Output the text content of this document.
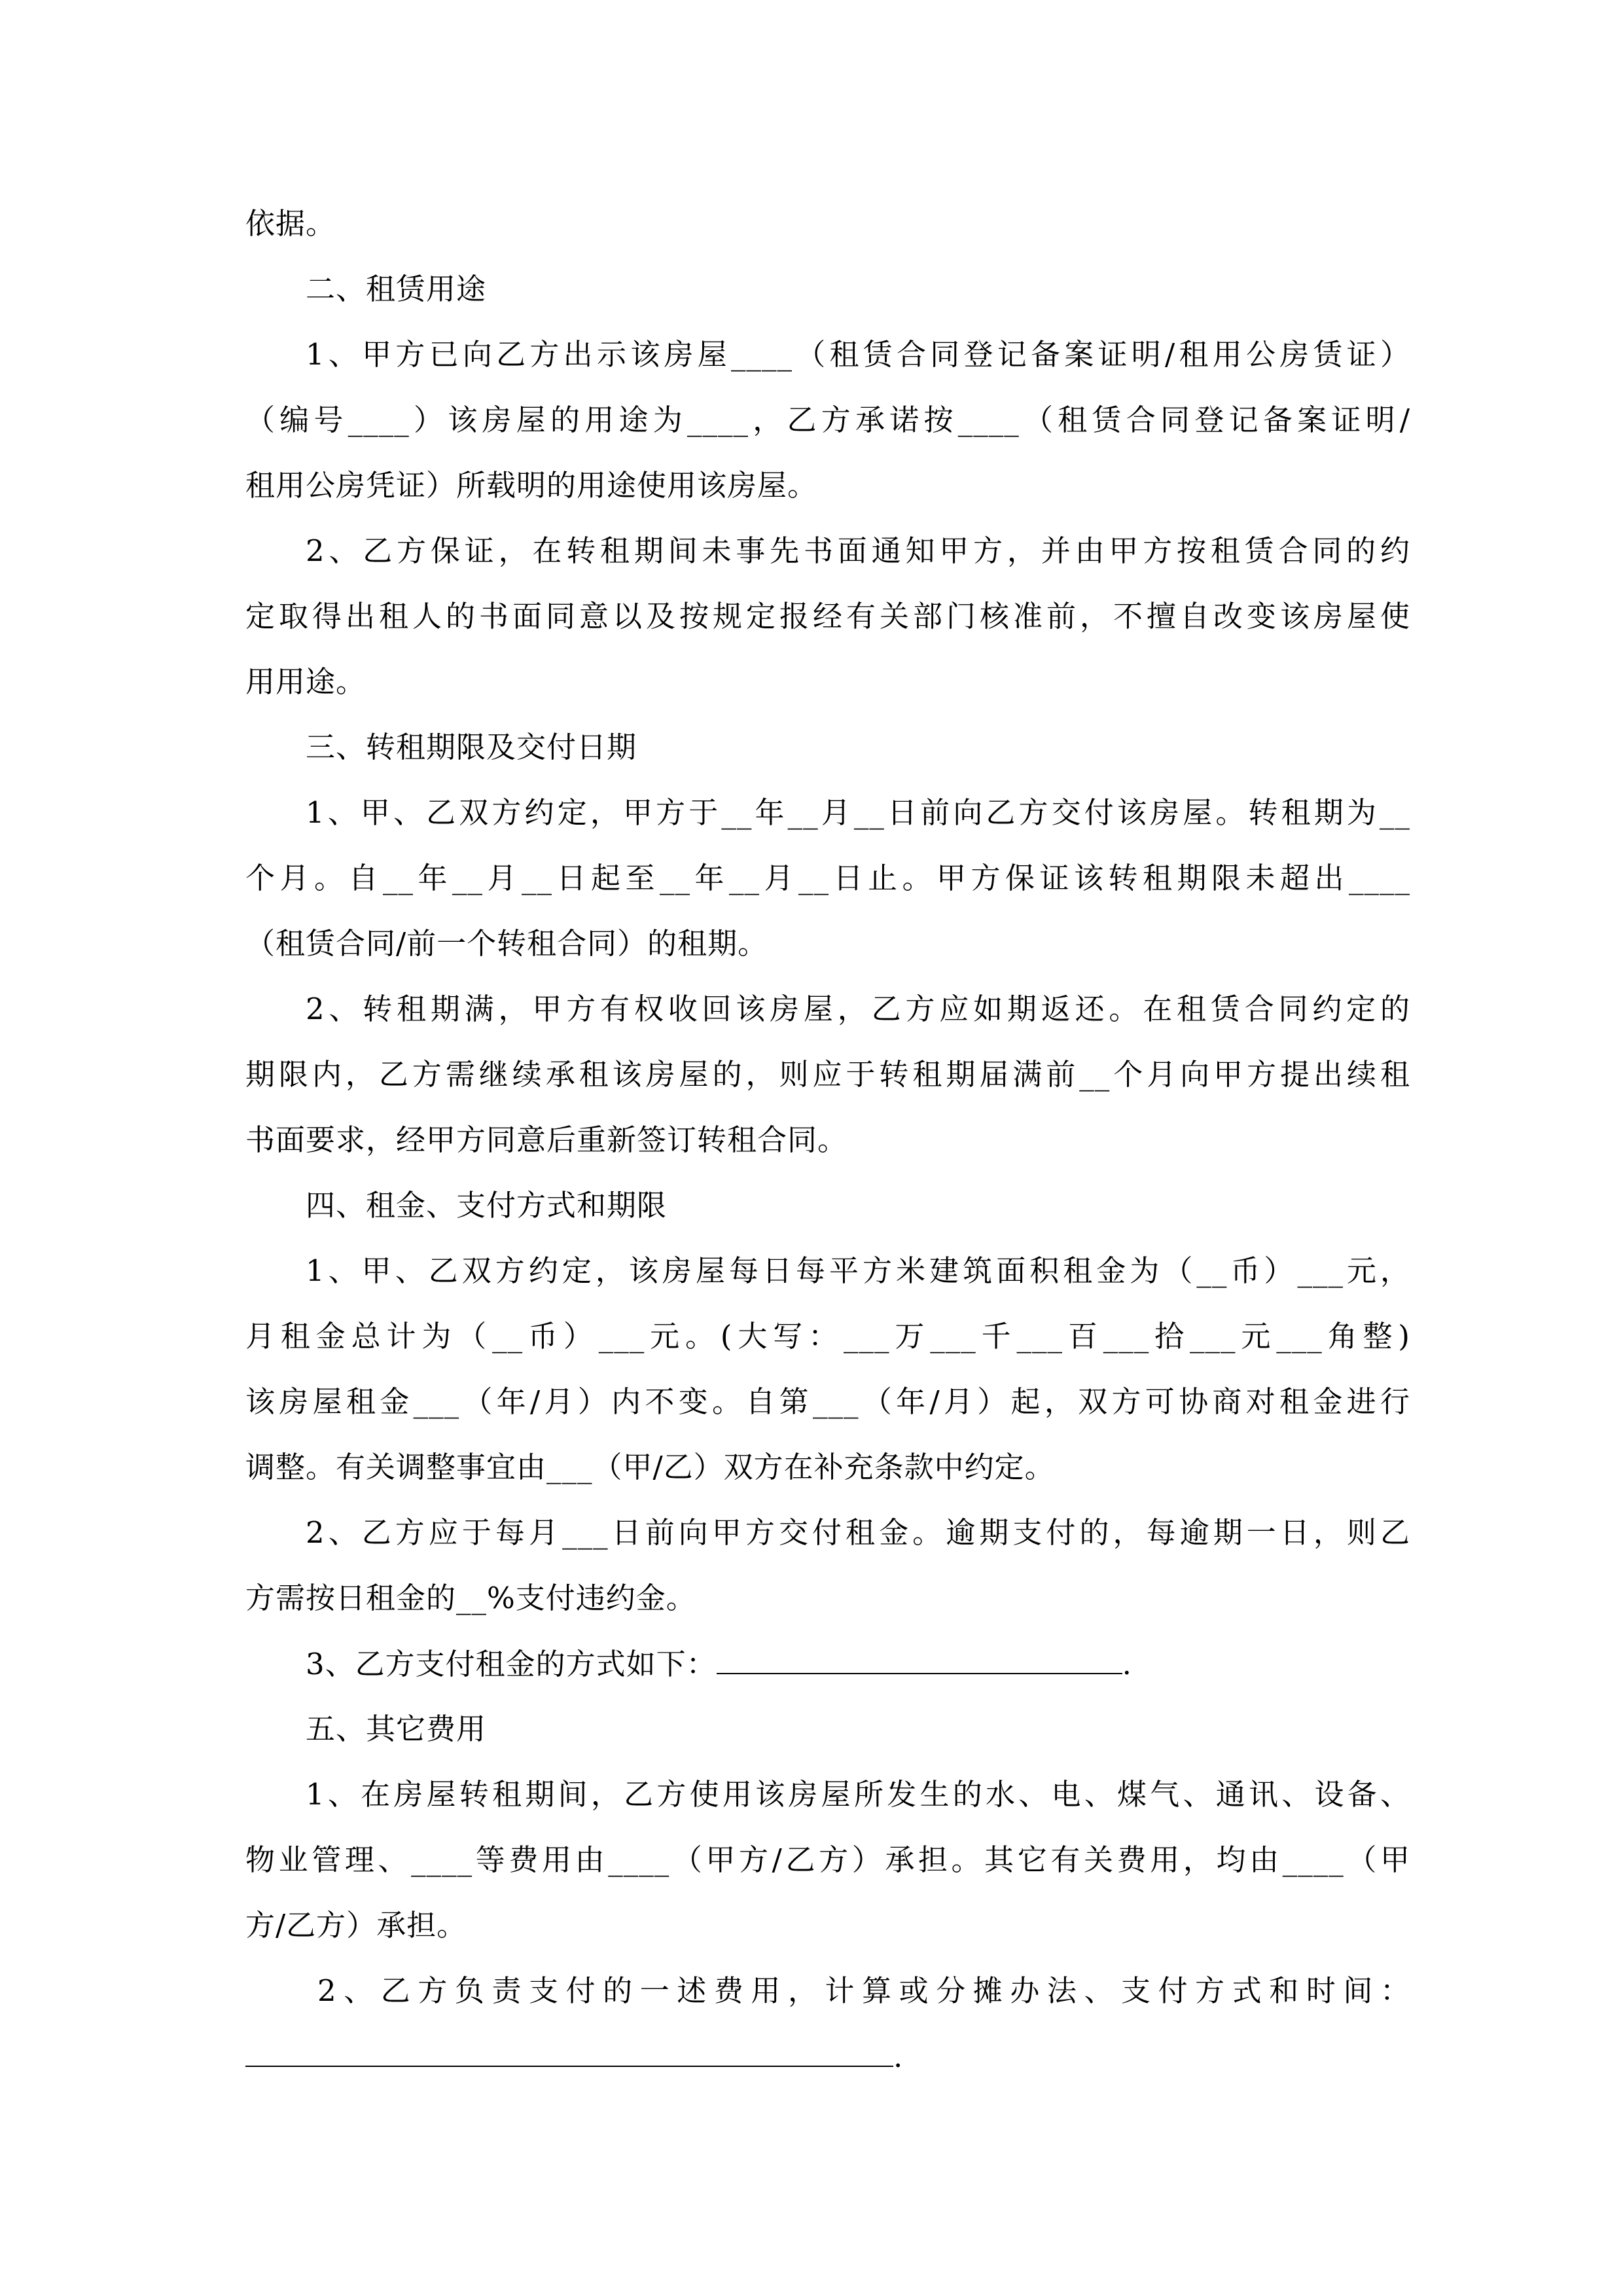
依据。
二、租赁用途
1、甲方已向乙方出示该房屋____（租赁合同登记备案证明/租用公房赁证）
（编号____）该房屋的用途为____，乙方承诺按____（租赁合同登记备案证明/
租用公房凭证）所载明的用途使用该房屋。
2、乙方保证，在转租期间未事先书面通知甲方，并由甲方按租赁合同的约
定取得出租人的书面同意以及按规定报经有关部门核准前，不擅自改变该房屋使
用用途。
三、转租期限及交付日期
1、甲、乙双方约定，甲方于__年__月__日前向乙方交付该房屋。转租期为__
个月。自__年__月__日起至__年__月__日止。甲方保证该转租期限未超出____
（租赁合同/前一个转租合同）的租期。
2、转租期满，甲方有权收回该房屋，乙方应如期返还。在租赁合同约定的
期限内，乙方需继续承租该房屋的，则应于转租期届满前__个月向甲方提出续租
书面要求，经甲方同意后重新签订转租合同。
四、租金、支付方式和期限
1、甲、乙双方约定，该房屋每日每平方米建筑面积租金为（__币）___元，
月租金总计为（__币）___元。(大写：___万___千___百___拾___元___角整)
该房屋租金___（年/月）内不变。自第___（年/月）起，双方可协商对租金进行
调整。有关调整事宜由___（甲/乙）双方在补充条款中约定。
2、乙方应于每月___日前向甲方交付租金。逾期支付的，每逾期一日，则乙
方需按日租金的__%支付违约金。
3、乙方支付租金的方式如下：	.
五、其它费用
1、在房屋转租期间，乙方使用该房屋所发生的水、电、煤气、通讯、设备、
物业管理、____等费用由____（甲方/乙方）承担。其它有关费用，均由____（甲
方/乙方）承担。
2、乙方负责支付的一述费用，计算或分摊办法、支付方式和时间：
.
